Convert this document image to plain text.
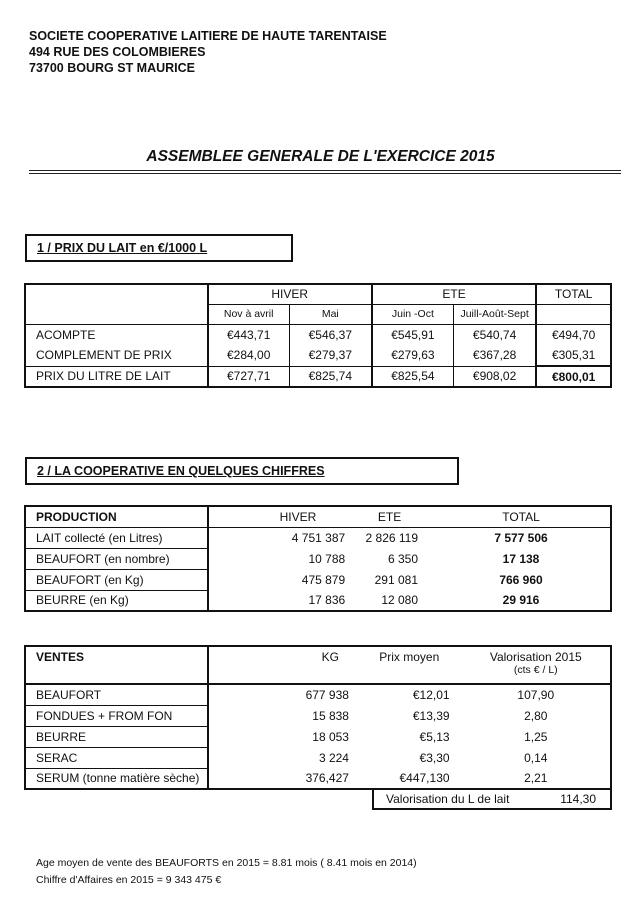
SOCIETE COOPERATIVE LAITIERE DE HAUTE TARENTAISE
494 RUE DES COLOMBIERES
73700 BOURG ST MAURICE
ASSEMBLEE GENERALE DE L'EXERCICE 2015
1 / PRIX DU LAIT en €/1000 L
	HIVER		ETE		TOTAL
	Nov à avril	Mai	Juin -Oct	Juill-Août-Sept	
ACOMPTE	€443,71	€546,37	€545,91	€540,74	€494,70
COMPLEMENT DE PRIX	€284,00	€279,37	€279,63	€367,28	€305,31
PRIX DU LITRE DE LAIT	€727,71	€825,74	€825,54	€908,02	€800,01
2 / LA COOPERATIVE EN QUELQUES CHIFFRES
PRODUCTION	HIVER	ETE	TOTAL
LAIT collecté (en Litres)	4 751 387	2 826 119	7 577 506
BEAUFORT (en nombre)	10 788	6 350	17 138
BEAUFORT (en Kg)	475 879	291 081	766 960
BEURRE (en Kg)	17 836	12 080	29 916
VENTES	KG	Prix moyen	Valorisation 2015
(cts € / L)

BEAUFORT	677 938	€12,01	107,90
FONDUES + FROM FON	15 838	€13,39	2,80
BEURRE	18 053	€5,13	1,25
SERAC	3 224	€3,30	0,14
SERUM (tonne matière sèche)	376,427	€447,130	2,21
Valorisation du L de lait	114,30
Age moyen de vente des BEAUFORTS en 2015 = 8.81 mois ( 8.41 mois en 2014)
Chiffre d'Affaires en 2015 = 9 343 475 €
